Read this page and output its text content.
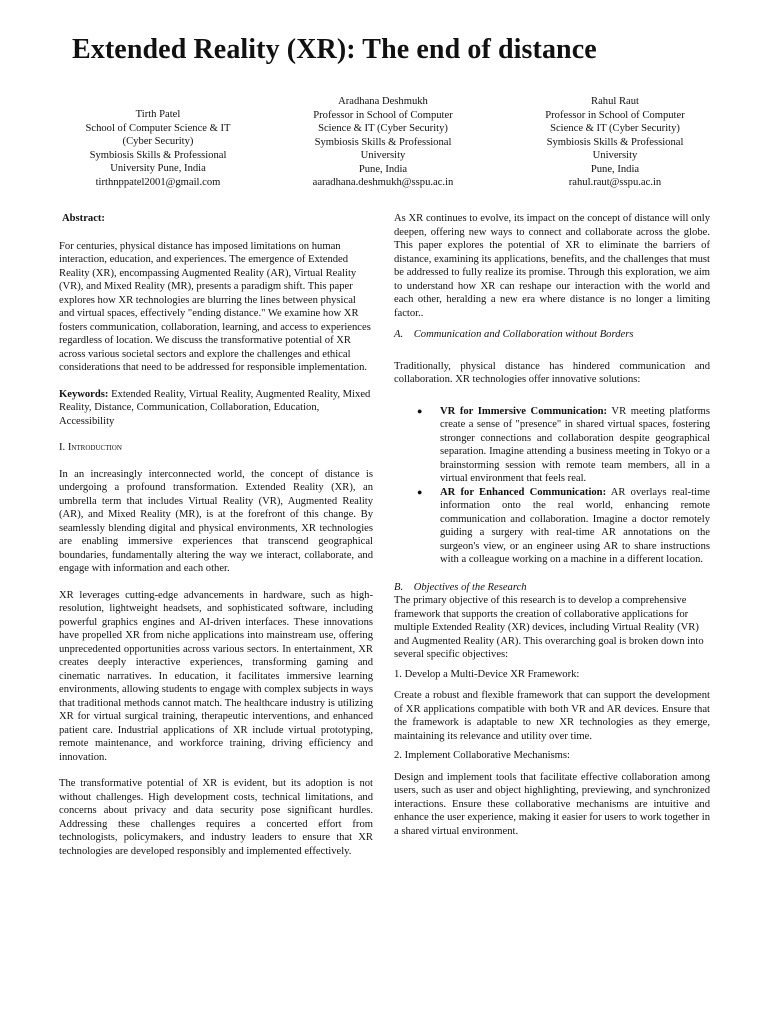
Extended Reality (XR): The end of distance
Tirth Patel
School of Computer Science & IT
(Cyber Security)
Symbiosis Skills & Professional
University Pune, India
tirthnppatel2001@gmail.com
Aradhana Deshmukh
Professor in School of Computer
Science & IT (Cyber Security)
Symbiosis Skills & Professional
University
Pune, India
aaradhana.deshmukh@sspu.ac.in
Rahul Raut
Professor in School of Computer
Science & IT (Cyber Security)
Symbiosis Skills & Professional
University
Pune, India
rahul.raut@sspu.ac.in

Abstract:

For centuries, physical distance has imposed limitations on human interaction, education, and experiences. The emergence of Extended Reality (XR), encompassing Augmented Reality (AR), Virtual Reality (VR), and Mixed Reality (MR), presents a paradigm shift. This paper explores how XR technologies are blurring the lines between physical and virtual spaces, effectively "ending distance." We examine how XR fosters communication, collaboration, learning, and access to experiences regardless of location. We discuss the transformative potential of XR across various societal sectors and explore the challenges and ethical considerations that need to be addressed for responsible implementation.

Keywords: Extended Reality, Virtual Reality, Augmented Reality, Mixed Reality, Distance, Communication, Collaboration, Education, Accessibility

I. Introduction

In an increasingly interconnected world, the concept of distance is undergoing a profound transformation. Extended Reality (XR), an umbrella term that includes Virtual Reality (VR), Augmented Reality (AR), and Mixed Reality (MR), is at the forefront of this change. By seamlessly blending digital and physical environments, XR technologies are enabling immersive experiences that transcend geographical boundaries, fundamentally altering the way we interact, collaborate, and engage with information and each other.

XR leverages cutting-edge advancements in hardware, such as high-resolution, lightweight headsets, and sophisticated software, including powerful graphics engines and AI-driven interfaces. These innovations have propelled XR from niche applications into mainstream use, offering unprecedented opportunities across various sectors. In entertainment, XR creates deeply interactive experiences, transforming gaming and cinematic narratives. In education, it facilitates immersive learning environments, allowing students to engage with complex subjects in ways that traditional methods cannot match. The healthcare industry is utilizing XR for virtual surgical training, therapeutic interventions, and enhanced patient care. Industrial applications of XR include virtual prototyping, remote maintenance, and workforce training, driving efficiency and innovation.

The transformative potential of XR is evident, but its adoption is not without challenges. High development costs, technical limitations, and concerns about privacy and data security pose significant hurdles. Addressing these challenges requires a concerted effort from technologists, policymakers, and industry leaders to ensure that XR technologies are developed responsibly and implemented effectively.

As XR continues to evolve, its impact on the concept of distance will only deepen, offering new ways to connect and collaborate across the globe. This paper explores the potential of XR to eliminate the barriers of distance, examining its applications, benefits, and the challenges that must be addressed to fully realize its promise. Through this exploration, we aim to understand how XR can reshape our interaction with the world and each other, heralding a new era where distance is no longer a limiting factor..

A. Communication and Collaboration without Borders

Traditionally, physical distance has hindered communication and collaboration. XR technologies offer innovative solutions:

● VR for Immersive Communication: VR meeting platforms create a sense of "presence" in shared virtual spaces, fostering stronger connections and collaboration despite geographical separation. Imagine attending a business meeting in Tokyo or a brainstorming session with remote team members, all in a virtual environment that feels real.
● AR for Enhanced Communication: AR overlays real-time information onto the real world, enhancing remote communication and collaboration. Imagine a doctor remotely guiding a surgery with real-time AR annotations on the surgeon's view, or an engineer using AR to share instructions with a colleague working on a machine in a different location.

B. Objectives of the Research

The primary objective of this research is to develop a comprehensive framework that supports the creation of collaborative applications for multiple Extended Reality (XR) devices, including Virtual Reality (VR) and Augmented Reality (AR). This overarching goal is broken down into several specific objectives:

1. Develop a Multi-Device XR Framework:

Create a robust and flexible framework that can support the development of XR applications compatible with both VR and AR devices. Ensure that the framework is adaptable to new XR technologies as they emerge, maintaining its relevance and utility over time.

2. Implement Collaborative Mechanisms:

Design and implement tools that facilitate effective collaboration among users, such as user and object highlighting, previewing, and synchronized interactions. Ensure these collaborative mechanisms are intuitive and enhance the user experience, making it easier for users to work together in a shared virtual environment.
